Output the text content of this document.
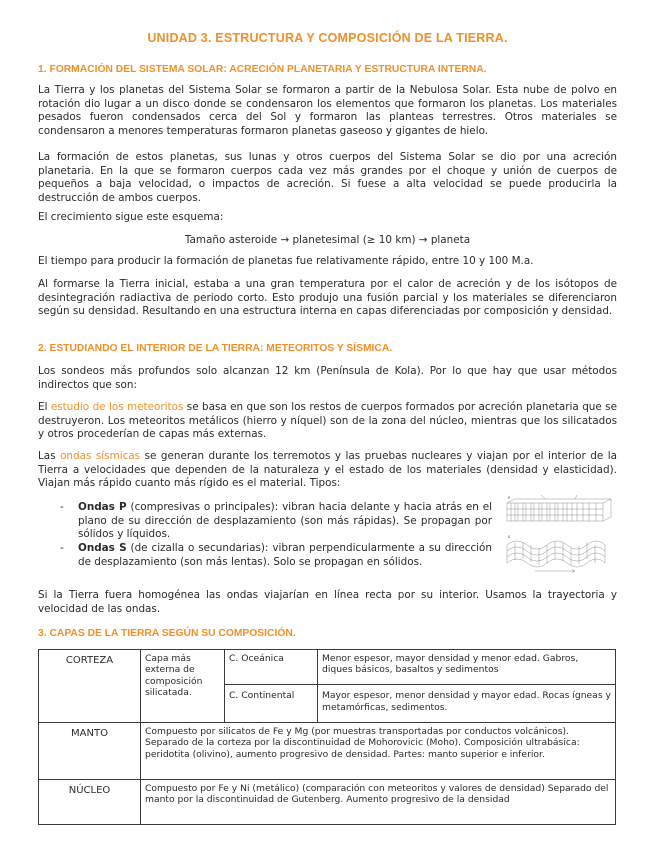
UNIDAD 3. ESTRUCTURA Y COMPOSICIÓN DE LA TIERRA.
1. FORMACIÓN DEL SISTEMA SOLAR: ACRECIÓN PLANETARIA Y ESTRUCTURA INTERNA.

La Tierra y los planetas del Sistema Solar se formaron a partir de la Nebulosa Solar. Esta nube de polvo en rotación dio lugar a un disco donde se condensaron los elementos que formaron los planetas. Los materiales pesados fueron condensados cerca del Sol y formaron las planteas terrestres. Otros materiales se condensaron a menores temperaturas formaron planetas gaseoso y gigantes de hielo.

La formación de estos planetas, sus lunas y otros cuerpos del Sistema Solar se dio por una acreción planetaria. En la que se formaron cuerpos cada vez más grandes por el choque y unión de cuerpos de pequeños a baja velocidad, o impactos de acreción. Si fuese a alta velocidad se puede producirla la destrucción de ambos cuerpos.

El crecimiento sigue este esquema:

Tamaño asteroide → planetesimal (≥ 10 km) → planeta

El tiempo para producir la formación de planetas fue relativamente rápido, entre 10 y 100 M.a.

Al formarse la Tierra inicial, estaba a una gran temperatura por el calor de acreción y de los isótopos de desintegración radiactiva de periodo corto. Esto produjo una fusión parcial y los materiales se diferenciaron según su densidad. Resultando en una estructura interna en capas diferenciadas por composición y densidad.

2. ESTUDIANDO EL INTERIOR DE LA TIERRA: METEORITOS Y SÍSMICA.

Los sondeos más profundos solo alcanzan 12 km (Península de Kola). Por lo que hay que usar métodos indirectos que son:

El estudio de los meteoritos se basa en que son los restos de cuerpos formados por acreción planetaria que se destruyeron. Los meteoritos metálicos (hierro y níquel) son de la zona del núcleo, mientras que los silicatados y otros procederían de capas más externas.

Las ondas sísmicas se generan durante los terremotos y las pruebas nucleares y viajan por el interior de la Tierra a velocidades que dependen de la naturaleza y el estado de los materiales (densidad y elasticidad). Viajan más rápido cuanto más rígido es el material. Tipos:

- Ondas P (compresivas o principales): vibran hacia delante y hacia atrás en el plano de su dirección de desplazamiento (son más rápidas). Se propagan por sólidos y líquidos.
- Ondas S (de cizalla o secundarias): vibran perpendicularmente a su dirección de desplazamiento (son más lentas). Solo se propagan en sólidos.
P
S

Si la Tierra fuera homogénea las ondas viajarían en línea recta por su interior. Usamos la trayectoria y velocidad de las ondas.

3. CAPAS DE LA TIERRA SEGÚN SU COMPOSICIÓN.
CORTEZA	Capa más externa de composición silicatada.	C. Oceánica	Menor espesor, mayor densidad y menor edad. Gabros, diques básicos, basaltos y sedimentos
		C. Continental	Mayor espesor, menor densidad y mayor edad. Rocas ígneas y metamórficas, sedimentos.
MANTO	Compuesto por silicatos de Fe y Mg (por muestras transportadas por conductos volcánicos). Separado de la corteza por la discontinuidad de Mohorovicic (Moho). Composición ultrabásica: peridotita (olivino), aumento progresivo de densidad. Partes: manto superior e inferior.		
NÚCLEO	Compuesto por Fe y Ni (metálico) (comparación con meteoritos y valores de densidad) Separado del manto por la discontinuidad de Gutenberg. Aumento progresivo de la densidad		
